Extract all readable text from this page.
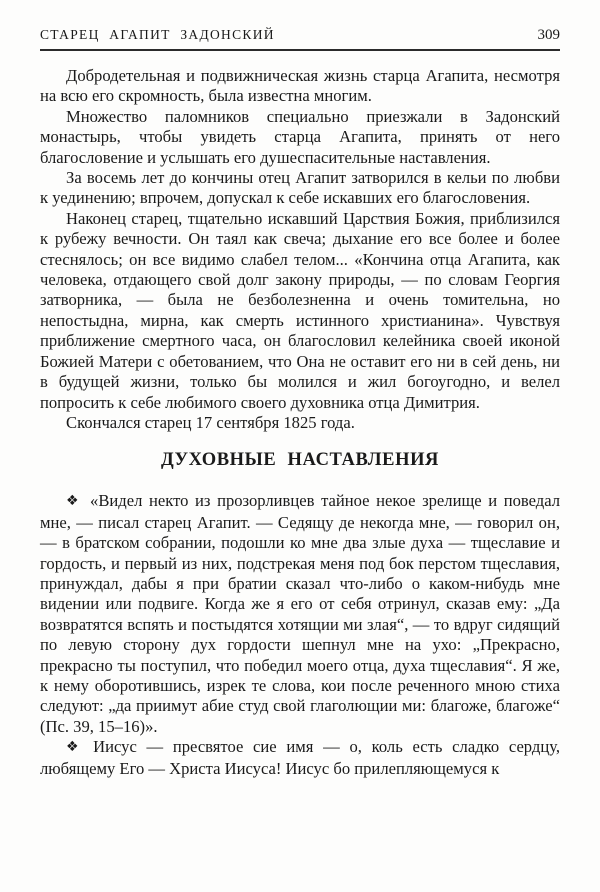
СТАРЕЦ АГАПИТ ЗАДОНСКИЙ	309

Добродетельная и подвижническая жизнь старца Агапита, несмотря на всю его скромность, была известна многим.

Множество паломников специально приезжали в Задонский монастырь, чтобы увидеть старца Агапита, принять от него благословение и услышать его душеспасительные наставления.

За восемь лет до кончины отец Агапит затворился в кельи по любви к уединению; впрочем, допускал к себе искавших его благословения.

Наконец старец, тщательно искавший Царствия Божия, приблизился к рубежу вечности. Он таял как свеча; дыхание его все более и более стеснялось; он все видимо слабел телом... «Кончина отца Агапита, как человека, отдающего свой долг закону природы, — по словам Георгия затворника, — была не безболезненна и очень томительна, но непостыдна, мирна, как смерть истинного христианина». Чувствуя приближение смертного часа, он благословил келейника своей иконой Божией Матери с обетованием, что Она не оставит его ни в сей день, ни в будущей жизни, только бы молился и жил богоугодно, и велел попросить к себе любимого своего духовника отца Димитрия.

Скончался старец 17 сентября 1825 года.

ДУХОВНЫЕ НАСТАВЛЕНИЯ

❖ «Видел некто из прозорливцев тайное некое зрелище и поведал мне, — писал старец Агапит. — Седящу де некогда мне, — говорил он, — в братском собрании, подошли ко мне два злые духа — тщеславие и гордость, и первый из них, подстрекая меня под бок перстом тщеславия, принуждал, дабы я при братии сказал что-либо о каком-нибудь мне видении или подвиге. Когда же я его от себя отринул, сказав ему: „Да возвратятся вспять и постыдятся хотящии ми злая“, — то вдруг сидящий по левую сторону дух гордости шепнул мне на ухо: „Прекрасно, прекрасно ты поступил, что победил моего отца, духа тщеславия“. Я же, к нему оборотившись, изрек те слова, кои после реченного мною стиха следуют: „да приимут абие студ свой глаголющии ми: благоже, благоже“ (Пс. 39, 15–16)».

❖ Иисус — пресвятое сие имя — о, коль есть сладко сердцу, любящему Его — Христа Иисуса! Иисус бо прилепляющемуся к
